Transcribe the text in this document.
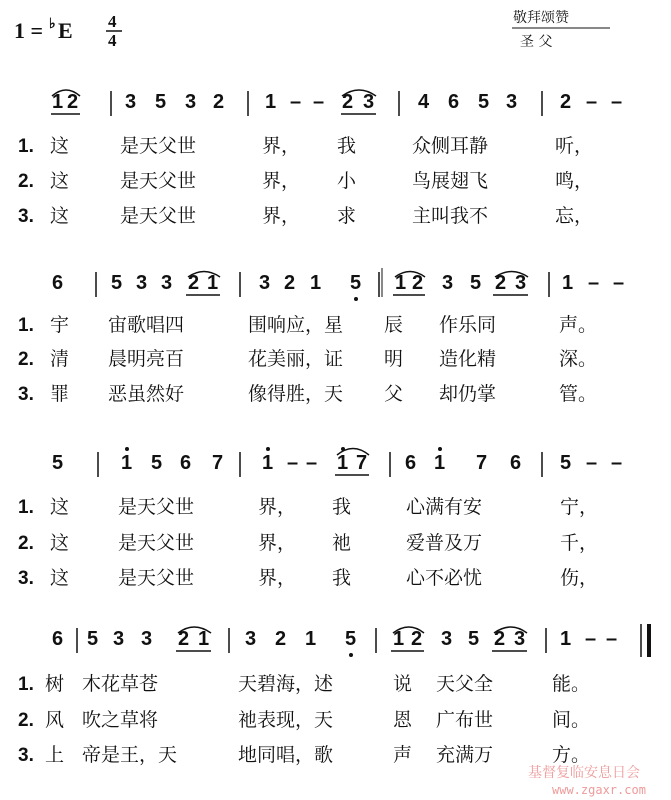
1 = ♭ E 4
4
敬拜颂赞
圣 父
1 2 3 5 3 2 1 – – 2 3 4 6 5 3 2 – –
1. 这	是天父世	界， 我	众侧耳静	听，
2. 这	是天父世	界， 小	鸟展翅飞	鸣，
3. 这	是天父世	界， 求	主叫我不	忘，
6 5 3 3 2 1 3 2 1 5 1 2 3 5 2 3 1 – –
1. 宇 宙歌唱四	围响应，星 辰 作乐同	声。
2. 清 晨明亮百	花美丽，证 明 造化精	深。
3. 罪 恶虽然好	像得胜，天 父 却仍掌	管。
5	1 5 6 7 1 – – 1 7 6 1 7 6 5 – –
1. 这	是天父世	界， 我	心满有安	宁，
2. 这	是天父世	界， 祂	爱普及万	千，
3. 这	是天父世	界， 我	心不必忧	伤，
6 5 3 3 2 1 3 2 1 5 1 2 3 5 2 3 1 – –
1. 树 木花草苍	天碧海，述	说 天父全	能。
2. 风 吹之草将	祂表现，天	恩 广布世	间。
3. 上 帝是王，天	地同唱，歌	声 充满万	方。
基督复临安息日会
www.zgaxr.com
